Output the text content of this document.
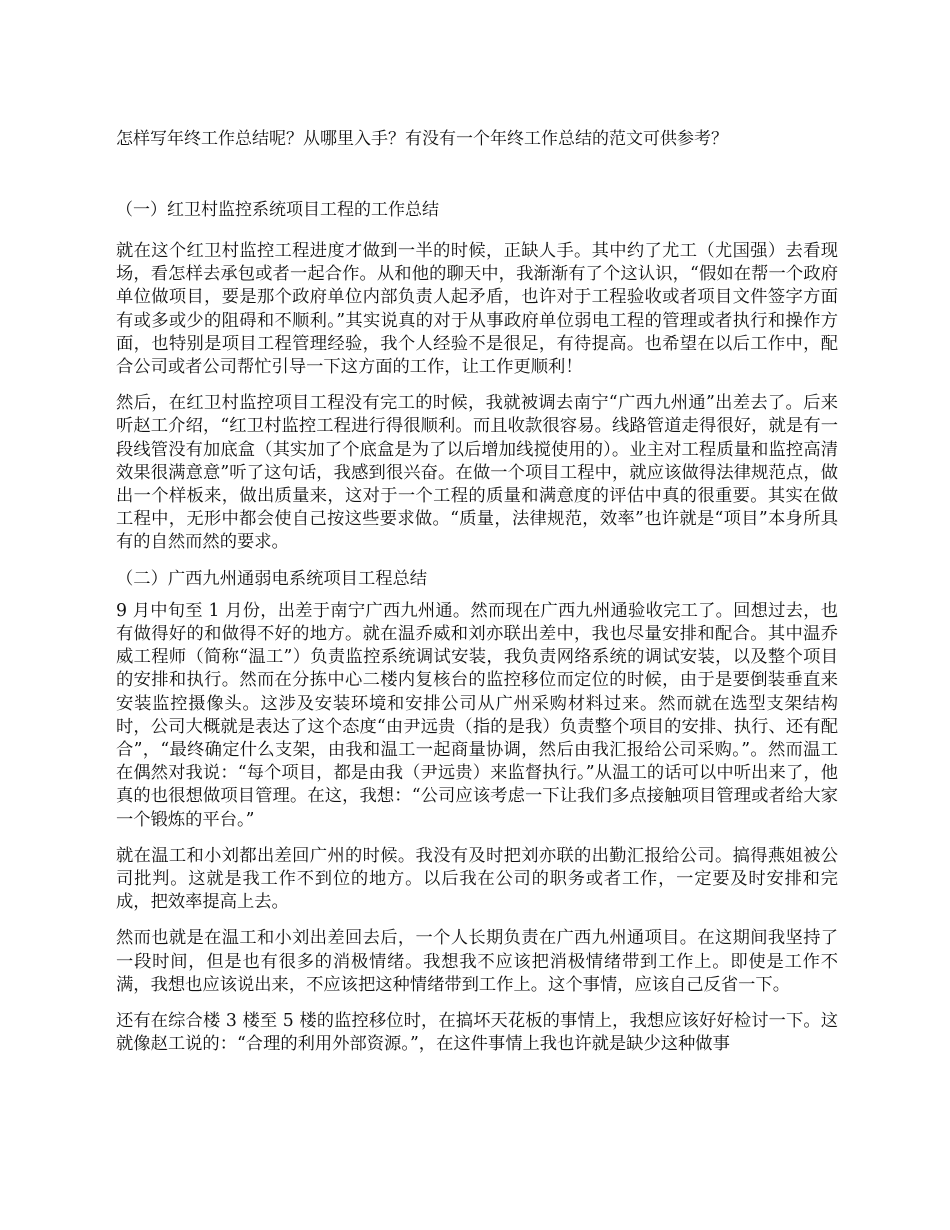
怎样写年终工作总结呢？从哪里入手？有没有一个年终工作总结的范文可供参考？

（一）红卫村监控系统项目工程的工作总结

就在这个红卫村监控工程进度才做到一半的时候，正缺人手。其中约了尤工（尤国强）去看现场，看怎样去承包或者一起合作。从和他的聊天中，我渐渐有了个这认识，“假如在帮一个政府单位做项目，要是那个政府单位内部负责人起矛盾，也许对于工程验收或者项目文件签字方面有或多或少的阻碍和不顺利。”其实说真的对于从事政府单位弱电工程的管理或者执行和操作方面，也特别是项目工程管理经验，我个人经验不是很足，有待提高。也希望在以后工作中，配合公司或者公司帮忙引导一下这方面的工作，让工作更顺利！

然后，在红卫村监控项目工程没有完工的时候，我就被调去南宁“广西九州通”出差去了。后来听赵工介绍，“红卫村监控工程进行得很顺利。而且收款很容易。线路管道走得很好，就是有一段线管没有加底盒（其实加了个底盒是为了以后增加线搅使用的）。业主对工程质量和监控高清效果很满意意”听了这句话，我感到很兴奋。在做一个项目工程中，就应该做得法律规范点，做出一个样板来，做出质量来，这对于一个工程的质量和满意度的评估中真的很重要。其实在做工程中，无形中都会使自己按这些要求做。“质量，法律规范，效率”也许就是“项目”本身所具有的自然而然的要求。

（二）广西九州通弱电系统项目工程总结

9 月中旬至 1 月份，出差于南宁广西九州通。然而现在广西九州通验收完工了。回想过去，也有做得好的和做得不好的地方。就在温乔威和刘亦联出差中，我也尽量安排和配合。其中温乔威工程师（简称“温工”）负责监控系统调试安装，我负责网络系统的调试安装，以及整个项目的安排和执行。然而在分拣中心二楼内复核台的监控移位而定位的时候，由于是要倒装垂直来安装监控摄像头。这涉及安装环境和安排公司从广州采购材料过来。然而就在选型支架结构时，公司大概就是表达了这个态度“由尹远贵（指的是我）负责整个项目的安排、执行、还有配合”，“最终确定什么支架，由我和温工一起商量协调，然后由我汇报给公司采购。”。然而温工在偶然对我说：“每个项目，都是由我（尹远贵）来监督执行。”从温工的话可以中听出来了，他真的也很想做项目管理。在这，我想：“公司应该考虑一下让我们多点接触项目管理或者给大家一个锻炼的平台。”

就在温工和小刘都出差回广州的时候。我没有及时把刘亦联的出勤汇报给公司。搞得燕姐被公司批判。这就是我工作不到位的地方。以后我在公司的职务或者工作，一定要及时安排和完成，把效率提高上去。

然而也就是在温工和小刘出差回去后，一个人长期负责在广西九州通项目。在这期间我坚持了一段时间，但是也有很多的消极情绪。我想我不应该把消极情绪带到工作上。即使是工作不满，我想也应该说出来，不应该把这种情绪带到工作上。这个事情，应该自己反省一下。

还有在综合楼 3 楼至 5 楼的监控移位时，在搞坏天花板的事情上，我想应该好好检讨一下。这就像赵工说的：“合理的利用外部资源。”，在这件事情上我也许就是缺少这种做事
